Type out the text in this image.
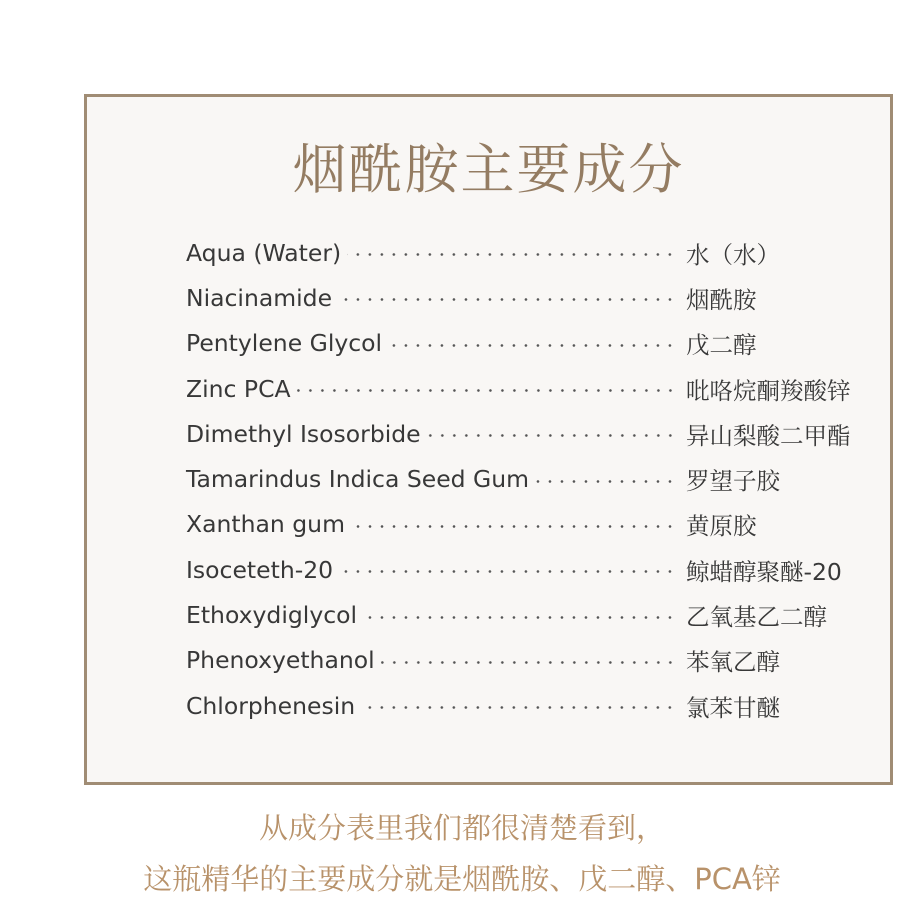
烟酰胺主要成分
Aqua (Water)	水（水）
Niacinamide	烟酰胺
Pentylene Glycol	戊二醇
Zinc PCA	吡咯烷酮羧酸锌
Dimethyl Isosorbide	异山梨酸二甲酯
Tamarindus Indica Seed Gum	罗望子胶
Xanthan gum	黄原胶
Isoceteth-20	鲸蜡醇聚醚-20
Ethoxydiglycol	乙氧基乙二醇
Phenoxyethanol	苯氧乙醇
Chlorphenesin	氯苯甘醚

从成分表里我们都很清楚看到，

这瓶精华的主要成分就是烟酰胺、戊二醇、PCA锌
